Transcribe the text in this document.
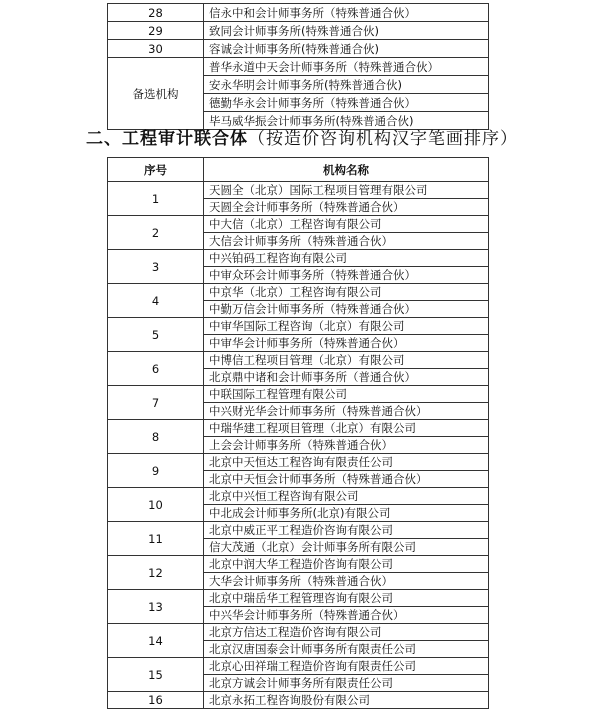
28	信永中和会计师事务所（特殊普通合伙）
29	致同会计师事务所(特殊普通合伙)
30	容诚会计师事务所(特殊普通合伙)
备选机构	普华永道中天会计师事务所（特殊普通合伙）
	安永华明会计师事务所(特殊普通合伙)
	德勤华永会计师事务所（特殊普通合伙）
	毕马威华振会计师事务所(特殊普通合伙)
二、工程审计联合体（按造价咨询机构汉字笔画排序）
序号	机构名称
1	天圆全（北京）国际工程项目管理有限公司
	天圆全会计师事务所（特殊普通合伙）
2	中大信（北京）工程咨询有限公司
	大信会计师事务所（特殊普通合伙）
3	中兴铂码工程咨询有限公司
	中审众环会计师事务所（特殊普通合伙）
4	中京华（北京）工程咨询有限公司
	中勤万信会计师事务所（特殊普通合伙）
5	中审华国际工程咨询（北京）有限公司
	中审华会计师事务所（特殊普通合伙）
6	中博信工程项目管理（北京）有限公司
	北京鼎中诸和会计师事务所（普通合伙）
7	中联国际工程管理有限公司
	中兴财光华会计师事务所（特殊普通合伙）
8	中瑞华建工程项目管理（北京）有限公司
	上会会计师事务所（特殊普通合伙）
9	北京中天恒达工程咨询有限责任公司
	北京中天恒会计师事务所（特殊普通合伙）
10	北京中兴恒工程咨询有限公司
	中北成会计师事务所(北京)有限公司
11	北京中威正平工程造价咨询有限公司
	信大茂通（北京）会计师事务所有限公司
12	北京中润大华工程造价咨询有限公司
	大华会计师事务所（特殊普通合伙）
13	北京中瑞岳华工程管理咨询有限公司
	中兴华会计师事务所（特殊普通合伙）
14	北京方信达工程造价咨询有限公司
	北京汉唐国泰会计师事务所有限责任公司
15	北京心田祥瑞工程造价咨询有限责任公司
	北京方诚会计师事务所有限责任公司
16	北京永拓工程咨询股份有限公司
